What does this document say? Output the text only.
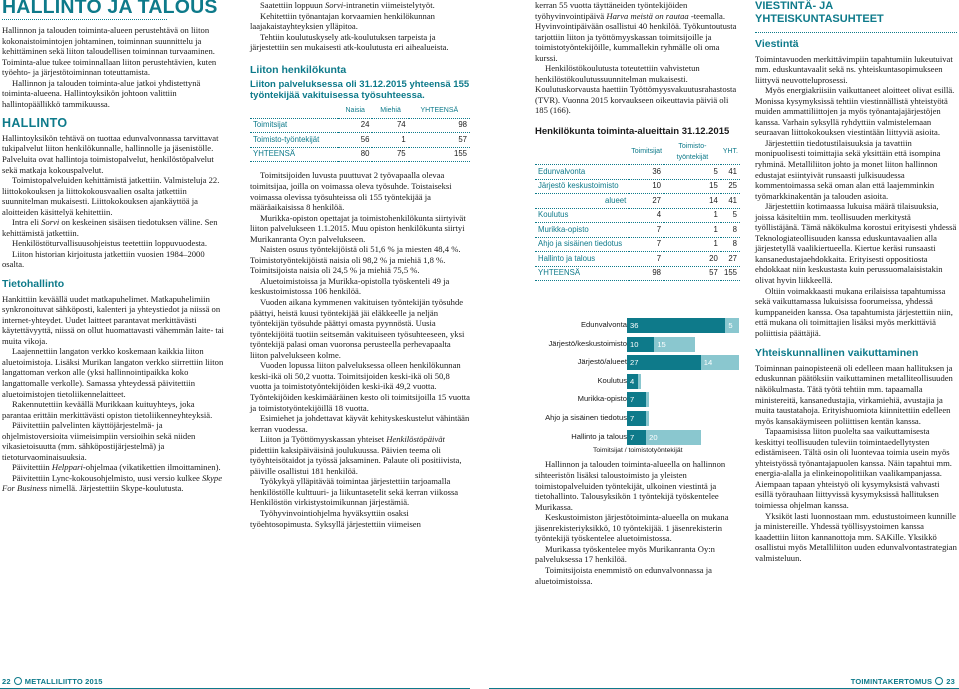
HALLINTO JA TALOUS

Hallinnon ja talouden toiminta-alueen perustehtävä on liiton kokonaistoimintojen johtaminen, toiminnan suunnittelu ja kehittäminen sekä liiton taloudellisen toiminnan turvaaminen. Toiminta-alue tukee toiminnallaan liiton perustehtävien, kuten työehto- ja järjestötoiminnan toteuttamista.

Hallinnon ja talouden toiminta-alue jatkoi yhdistettynä toiminta-alueena. Hallintoyksikön johtoon valittiin hallintopäällikkö tammikuussa.

HALLINTO

Hallintoyksikön tehtävä on tuottaa edunvalvonnassa tarvittavat tukipalvelut liiton henkilökunnalle, hallinnolle ja jäsenistölle. Palveluita ovat hallintoja toimistopalvelut, henkilöstöpalvelut sekä matkaja kokouspalvelut.

Toimistopalveluiden kehittämistä jatkettiin. Valmisteluja 22. liittokokouksen ja liittokokousvaalien osalta jatkettiin suunnitelman mukaisesti. Liittokokouksen ajankäyttöä ja aloitteiden käsittelyä kehitettiin.

Intra eli Sorvi on keskeinen sisäisen tiedotuksen väline. Sen kehittämistä jatkettiin.

Henkilöstöturvallisuusohjeistus teetettiin loppuvuodesta.

Liiton historian kirjoitusta jatkettiin vuosien 1984–2000 osalta.

Tietohallinto

Hankittiin keväällä uudet matkapuhelimet. Matkapuhelimiin synkronoituvat sähköposti, kalenteri ja yhteystiedot ja niissä on internet-yhteydet. Uudet laitteet parantavat merkittävästi käytettävyyttä, niissä on ollut huomattavasti vähemmän laite- tai muita vikoja.

Laajennettiin langaton verkko koskemaan kaikkia liiton aluetoimistoja. Lisäksi Murikan langaton verkko siirrettiin liiton langattoman verkon alle (yksi hallinnointipaikka koko langattomalle verkolle). Samassa yhteydessä päivitettiin aluetoimistojen tietoliikennelaitteet.

Rakennutettiin keväällä Murikkaan kuituyhteys, joka parantaa erittäin merkittävästi opiston tietoliikenneyhteyksiä.

Päivitettiin palvelinten käyttöjärjestelmä- ja ohjelmistoversioita viimeisimpiin versioihin sekä niiden vikasietoisuutta (mm. sähköpostijärjestelmä) ja tietoturvaominaisuuksia.

Päivitettiin Helppari-ohjelmaa (vikatikettien ilmoittaminen).

Päivitettiin Lync-kokousohjelmisto, uusi versio kulkee Skype For Business nimellä. Järjestettiin Skype-koulutusta.

Saatettiin loppuun Sorvi-intranetin viimeistelytyöt.

Kehitettiin työnantajan korvaamien henkilökunnan laajakaistayhteyksien ylläpitoa.

Tehtiin koulutuskysely atk-koulutuksen tarpeista ja järjestettiin sen mukaisesti atk-koulutusta eri aihealueista.

Liiton henkilökunta
Liiton palveluksessa oli 31.12.2015 yhteensä 155 työntekijää vakituisessa työsuhteessa.
	Naisia	Miehiä	YHTEENSÄ
Toimitsijat	24	74	98
Toimisto-työntekijät	56	1	57
YHTEENSÄ	80	75	155

Toimitsijoiden luvusta puuttuvat 2 työvapaalla olevaa toimitsijaa, joilla on voimassa oleva työsuhde. Toistaiseksi voimassa olevissa työsuhteissa oli 155 työntekijää ja määräaikaisissa 8 henkilöä.

Murikka-opiston opettajat ja toimistohenkilökunta siirtyivät liiton palvelukseen 1.1.2015. Muu opiston henkilökunta siirtyi Murikanranta Oy:n palvelukseen.

Naisten osuus työntekijöistä oli 51,6 % ja miesten 48,4 %. Toimistotyöntekijöistä naisia oli 98,2 % ja miehiä 1,8 %. Toimitsijoista naisia oli 24,5 % ja miehiä 75,5 %.

Aluetoimistoissa ja Murikka-opistolla työskenteli 49 ja keskustoimistossa 106 henkilöä.

Vuoden aikana kymmenen vakituisen työntekijän työsuhde päättyi, heistä kuusi työntekijää jäi eläkkeelle ja neljän työntekijän työsuhde päättyi omasta pyynnöstä. Uusia työntekijöitä tuotiin seitsemän vakituiseen työsuhteeseen, yksi työntekijä palasi oman vuoronsa perusteella perhevapaalta liiton palvelukseen kolme.

Vuoden lopussa liiton palveluksessa olleen henkilökunnan keski-ikä oli 50,2 vuotta. Toimitsijoiden keski-ikä oli 50,8 vuotta ja toimistotyöntekijöiden keski-ikä 49,2 vuotta. Työntekijöiden keskimääräinen kesto oli toimitsijoilla 15 vuotta ja toimistotyöntekijöillä 18 vuotta.

Esimiehet ja johdettavat käyvät kehityskeskustelut vähintään kerran vuodessa.

Liiton ja Työttömyyskassan yhteiset Henkilöstöpäivät pidettiin kaksipäiväisinä joulukuussa. Päivien teema oli työyhteisötaidot ja työssä jaksaminen. Palaute oli positiivista, päiville osallistui 181 henkilöä.

Työkykyä ylläpitävää toimintaa järjestettiin tarjoamalla henkilöstölle kulttuuri- ja liikuntasetelit sekä kerran viikossa Henkilöstön virkistystoimikunnan järjestämiä.

Työhyvinvointiohjelma hyväksyttiin osaksi työehtosopimusta. Syksyllä järjestettiin viimeisen

kerran 55 vuotta täyttäneiden työntekijöiden työhyvinvointipäivä Harva meistä on rautaa -teemalla. Hyvinvointipäivään osallistui 40 henkilöä. Työkuntoutusta tarjottiin liiton ja työttömyyskassan toimitsijoille ja toimistotyöntekijöille, kummallekin ryhmälle oli oma kurssi.

Henkilöstökoulutusta toteutettiin vahvistetun henkilöstökoulutussuunnitelman mukaisesti. Koulutuskorvausta haettiin Työttömyysvakuutusrahastosta (TVR). Vuonna 2015 korvaukseen oikeuttavia päiviä oli 185 (166).

Henkilökunta toiminta-alueittain 31.12.2015
	Toimitsijat	Toimisto-työntekijät	YHT.
Edunvalvonta	36	5	41
Järjestö keskustoimisto	10	15	25
alueet	27	14	41
Koulutus	4	1	5
Murikka-opisto	7	1	8
Ahjo ja sisäinen tiedotus	7	1	8
Hallinto ja talous	7	20	27
YHTEENSÄ	98	57	155

Hallinnon ja talouden toiminta-alueella on hallinnon sihteeristön lisäksi taloustoimisto ja yleisten toimistopalveluiden työntekijät, ulkoinen viestintä ja tietohallinto. Talousyksikön 1 työntekijä työskentelee Murikassa.

Keskustoimiston järjestötoiminta-alueella on mukana jäsenrekisteriyksikkö, 10 työntekijää. 1 jäsenrekisterin työntekijä työskentelee aluetoimistossa.

Murikassa työskentelee myös Murikanranta Oy:n palveluksessa 17 henkilöä.

Toimitsijoista enemmistö on edunvalvonnassa ja aluetoimistoissa.

Toimitsijat / toimistotyöntekijät
Edunvalvonta 36	5
Järjestö/keskustoimisto 10	15
Järjestö/alueet 27	14
Koulutus 4 1
Murikka-opisto 7	1
Ahjo ja sisäinen tiedotus 7	1
Hallinto ja talous 7	20
VIESTINTÄ- JA YHTEISKUNTASUHTEET
Viestintä

Toimintavuoden merkittävimpiin tapahtumiin lukeutuivat mm. eduskuntavaalit sekä ns. yhteiskuntasopimukseen liittyvä neuvotteluprosessi.

Myös energiakriisiin vaikuttaneet aloitteet olivat esillä. Monissa kysymyksissä tehtiin viestinnällistä yhteistyötä muiden ammattiliittojen ja myös työnantajajärjestöjen kanssa. Varhain syksyllä ryhdyttiin valmistelemaan seuraavan liittokokouksen viestintään liittyviä asioita.

Järjestettiin tiedotustilaisuuksia ja tavattiin monipuolisesti toimittajia sekä yksittäin että isompina ryhminä. Metalliliiton johto ja monet liiton hallinnon edustajat esiintyivät runsaasti julkisuudessa kommentoimassa sekä oman alan että laajemminkin työmarkkinakentän ja talouden asioita.

Järjestettiin kotimaassa lukuisa määrä tilaisuuksia, joissa käsiteltiin mm. teollisuuden merkitystä työllistäjänä. Tämä näkökulma korostui erityisesti yhdessä Teknologiateollisuuden kanssa eduskuntavaalien alla järjestetyllä vaalikiertueella. Kiertue keräsi runsaasti kansanedustajaehdokkaita. Erityisesti oppositiosta ehdokkaat niin keskustasta kuin perussuomalaisistakin olivat hyvin liikkeellä.

Oltiin voimakkaasti mukana erilaisissa tapahtumissa sekä vaikuttamassa lukuisissa foorumeissa, yhdessä kumppaneiden kanssa. Osa tapahtumista järjestettiin niin, että mukana oli toimittajien lisäksi myös merkittäviä poliittisia päättäjiä.

Yhteiskunnallinen vaikuttaminen

Toiminnan painopisteenä oli edelleen maan hallituksen ja eduskunnan päätöksiin vaikuttaminen metalliteollisuuden näkökulmasta. Tätä työtä tehtiin mm. tapaamalla ministereitä, kansanedustajia, virkamiehiä, avustajia ja muita taustatahoja. Erityishuomiota kiinnitettiin edelleen myös kansakäymiseen poliittisen kentän kanssa.

Tapaamisissa liiton puolelta saa vaikuttamisesta keskittyi teollisuuden tuleviin toimintaedellytysten edistämiseen. Tältä osin oli luontevaa toimia usein myös yhteistyössä työnantajapuolen kanssa. Näin tapahtui mm. energia-alalla ja elinkeinopolitiikan vaalikampanjassa. Aiempaan tapaan yhteistyö oli kysymyksistä vahvasti esillä työrauhaan liittyvissä kysymyksissä hallituksen toimiessa ohjelman kanssa.

Yksiköt lasti luonnostaan mm. edustustoimeen kunnille ja ministereille. Yhdessä työllisyystoimen kanssa kaadettiin liiton kannanottoja mm. SAKille. Yksikkö osallistui myös Metalliliiton uuden edunvalvontastrategian valmisteluun.

22 METALLILIITTO 2015	TOIMINTAKERTOMUS 23
